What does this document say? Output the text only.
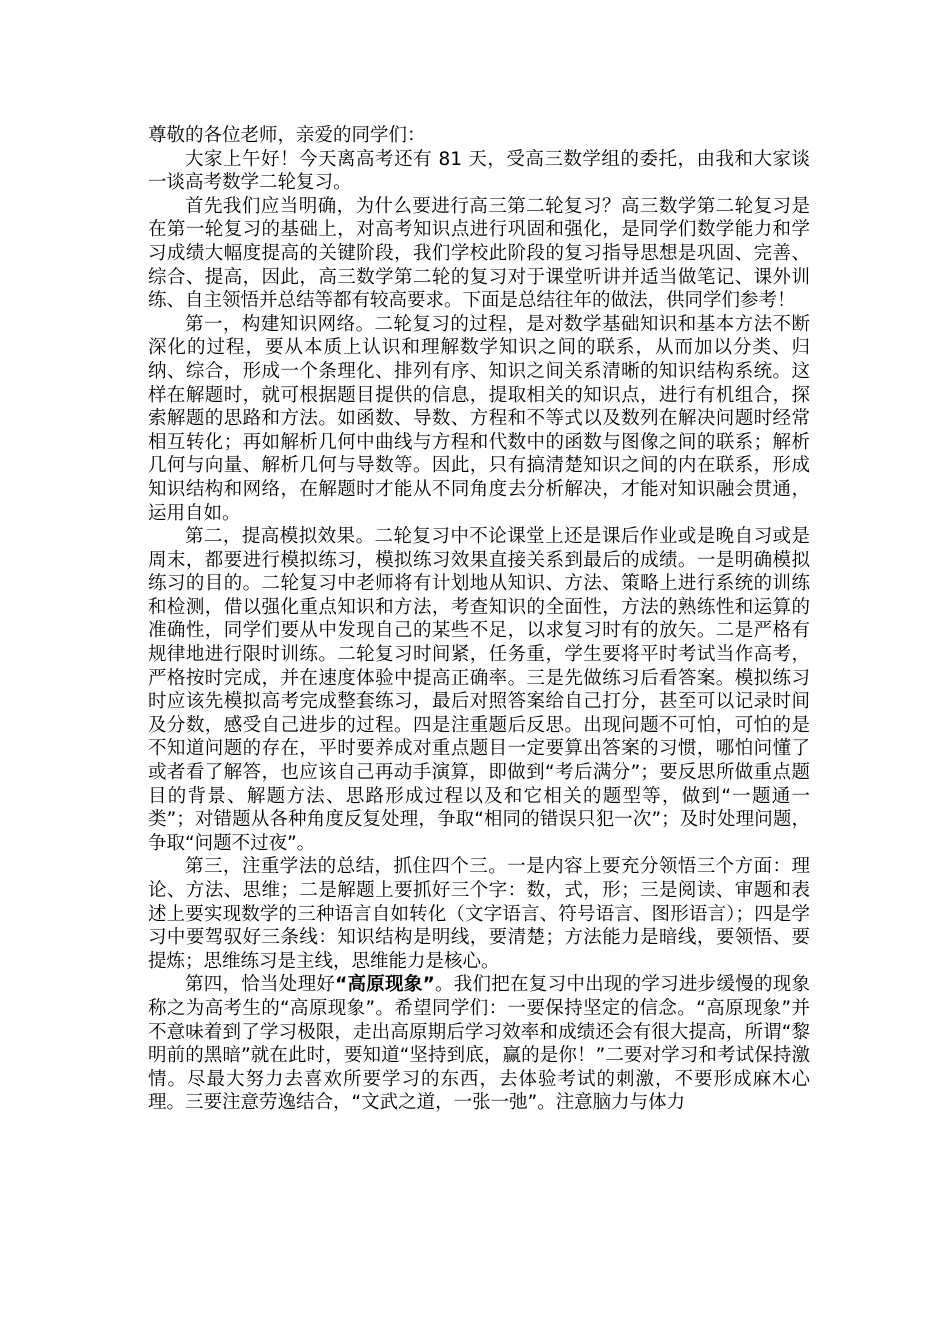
尊敬的各位老师，亲爱的同学们：

大家上午好！今天离高考还有 81 天，受高三数学组的委托，由我和大家谈一谈高考数学二轮复习。

首先我们应当明确，为什么要进行高三第二轮复习？高三数学第二轮复习是在第一轮复习的基础上，对高考知识点进行巩固和强化，是同学们数学能力和学习成绩大幅度提高的关键阶段，我们学校此阶段的复习指导思想是巩固、完善、综合、提高，因此，高三数学第二轮的复习对于课堂听讲并适当做笔记、课外训练、自主领悟并总结等都有较高要求。下面是总结往年的做法，供同学们参考！

第一，构建知识网络。二轮复习的过程，是对数学基础知识和基本方法不断深化的过程，要从本质上认识和理解数学知识之间的联系，从而加以分类、归纳、综合，形成一个条理化、排列有序、知识之间关系清晰的知识结构系统。这样在解题时，就可根据题目提供的信息，提取相关的知识点，进行有机组合，探索解题的思路和方法。如函数、导数、方程和不等式以及数列在解决问题时经常相互转化；再如解析几何中曲线与方程和代数中的函数与图像之间的联系；解析几何与向量、解析几何与导数等。因此，只有搞清楚知识之间的内在联系，形成知识结构和网络，在解题时才能从不同角度去分析解决，才能对知识融会贯通，运用自如。

第二，提高模拟效果。二轮复习中不论课堂上还是课后作业或是晚自习或是周末，都要进行模拟练习，模拟练习效果直接关系到最后的成绩。一是明确模拟练习的目的。二轮复习中老师将有计划地从知识、方法、策略上进行系统的训练和检测，借以强化重点知识和方法，考查知识的全面性，方法的熟练性和运算的准确性，同学们要从中发现自己的某些不足，以求复习时有的放矢。二是严格有规律地进行限时训练。二轮复习时间紧，任务重，学生要将平时考试当作高考，严格按时完成，并在速度体验中提高正确率。三是先做练习后看答案。模拟练习时应该先模拟高考完成整套练习，最后对照答案给自己打分，甚至可以记录时间及分数，感受自己进步的过程。四是注重题后反思。出现问题不可怕，可怕的是不知道问题的存在，平时要养成对重点题目一定要算出答案的习惯，哪怕问懂了或者看了解答，也应该自己再动手演算，即做到“考后满分”；要反思所做重点题目的背景、解题方法、思路形成过程以及和它相关的题型等，做到“一题通一类”；对错题从各种角度反复处理，争取“相同的错误只犯一次”；及时处理问题，争取“问题不过夜”。

第三，注重学法的总结，抓住四个三。一是内容上要充分领悟三个方面：理论、方法、思维；二是解题上要抓好三个字：数，式，形；三是阅读、审题和表述上要实现数学的三种语言自如转化（文字语言、符号语言、图形语言）；四是学习中要驾驭好三条线：知识结构是明线，要清楚；方法能力是暗线，要领悟、要提炼；思维练习是主线，思维能力是核心。

第四，恰当处理好“高原现象”。我们把在复习中出现的学习进步缓慢的现象称之为高考生的“高原现象”。希望同学们：一要保持坚定的信念。“高原现象”并不意味着到了学习极限，走出高原期后学习效率和成绩还会有很大提高，所谓“黎明前的黑暗”就在此时，要知道“坚持到底，赢的是你！”二要对学习和考试保持激情。尽最大努力去喜欢所要学习的东西，去体验考试的刺激，不要形成麻木心理。三要注意劳逸结合，“文武之道，一张一弛”。注意脑力与体力
